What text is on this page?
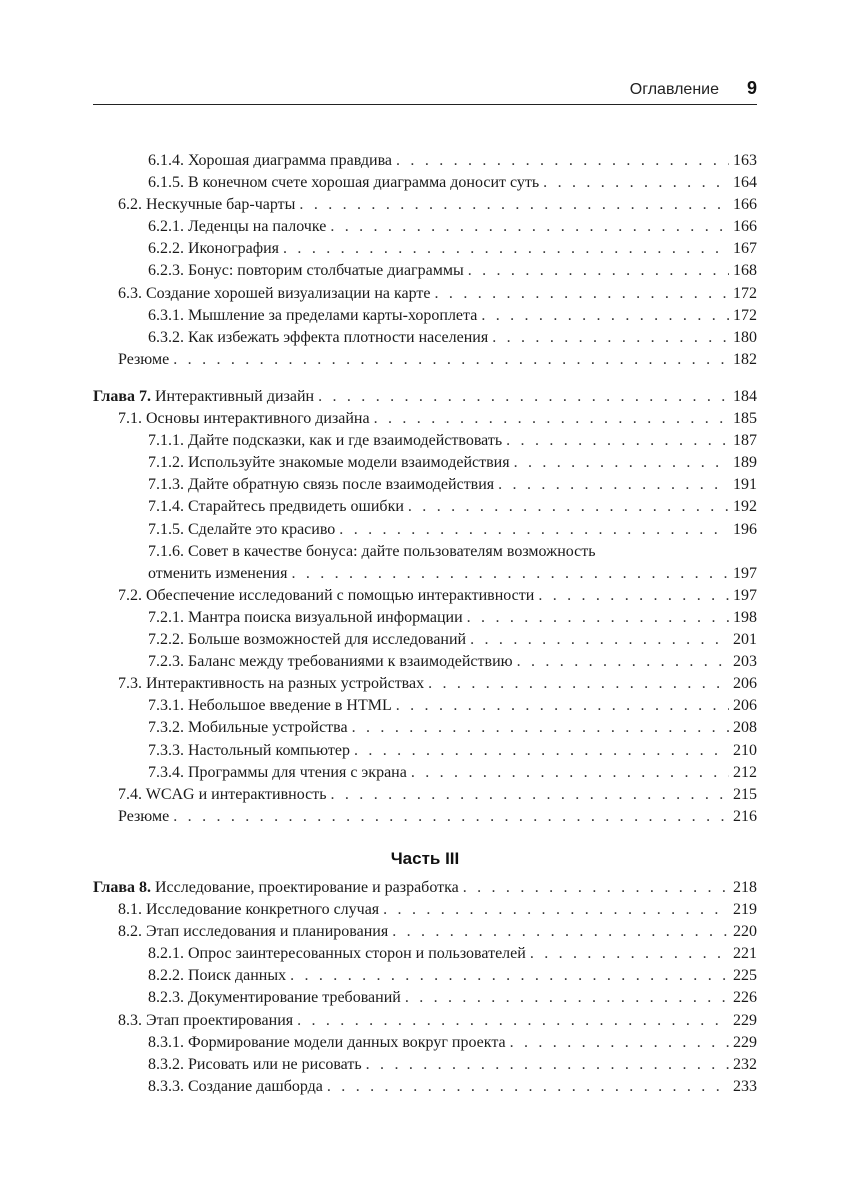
Оглавление 9
6.1.4. Хорошая диаграмма правдива . . .	163
6.1.5. В конечном счете хорошая диаграмма доносит суть . . .	164
6.2. Нескучные бар-чарты . . .	166
6.2.1. Леденцы на палочке . . .	166
6.2.2. Иконография . . .	167
6.2.3. Бонус: повторим столбчатые диаграммы . . .	168
6.3. Создание хорошей визуализации на карте . . .	172
6.3.1. Мышление за пределами карты-хороплета . . .	172
6.3.2. Как избежать эффекта плотности населения . . .	180
Резюме . . .	182
Глава 7. Интерактивный дизайн . . .	184
7.1. Основы интерактивного дизайна . . .	185
7.1.1. Дайте подсказки, как и где взаимодействовать . . .	187
7.1.2. Используйте знакомые модели взаимодействия . . .	189
7.1.3. Дайте обратную связь после взаимодействия . . .	191
7.1.4. Старайтесь предвидеть ошибки . . .	192
7.1.5. Сделайте это красиво . . .	196
7.1.6. Совет в качестве бонуса: дайте пользователям возможность
отменить изменения . . .	197
7.2. Обеспечение исследований с помощью интерактивности . . .	197
7.2.1. Мантра поиска визуальной информации . . .	198
7.2.2. Больше возможностей для исследований . . .	201
7.2.3. Баланс между требованиями к взаимодействию . . .	203
7.3. Интерактивность на разных устройствах . . .	206
7.3.1. Небольшое введение в HTML . . .	206
7.3.2. Мобильные устройства . . .	208
7.3.3. Настольный компьютер . . .	210
7.3.4. Программы для чтения с экрана . . .	212
7.4. WCAG и интерактивность . . .	215
Резюме . . .	216
Часть III
Глава 8. Исследование, проектирование и разработка . . .	218
8.1. Исследование конкретного случая . . .	219
8.2. Этап исследования и планирования . . .	220
8.2.1. Опрос заинтересованных сторон и пользователей . . .	221
8.2.2. Поиск данных . . .	225
8.2.3. Документирование требований . . .	226
8.3. Этап проектирования . . .	229
8.3.1. Формирование модели данных вокруг проекта . . .	229
8.3.2. Рисовать или не рисовать . . .	232
8.3.3. Создание дашборда . . .	233
